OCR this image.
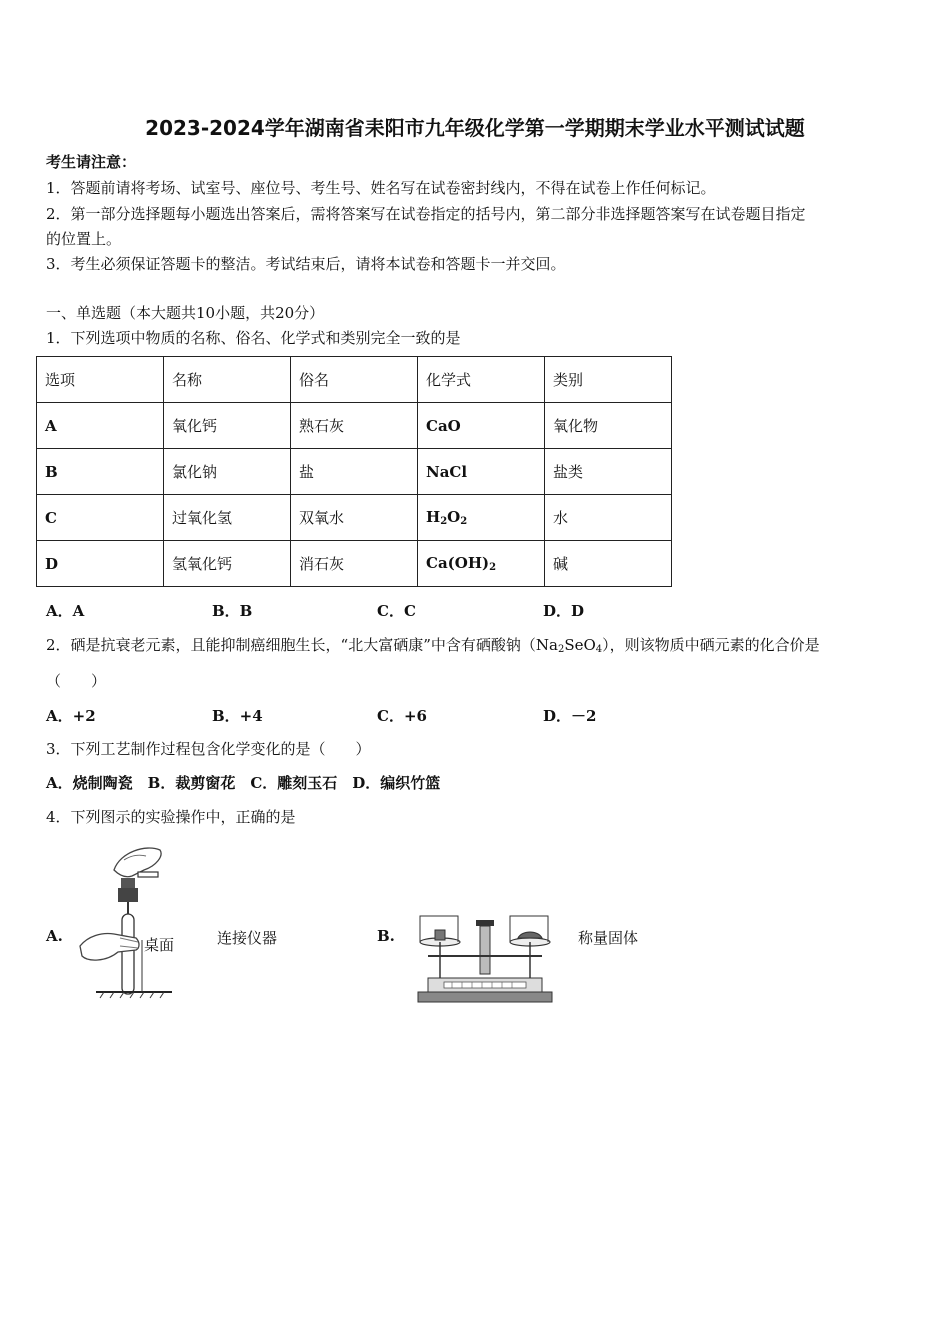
2023-2024学年湖南省耒阳市九年级化学第一学期期末学业水平测试试题
考生请注意：
1．答题前请将考场、试室号、座位号、考生号、姓名写在试卷密封线内，不得在试卷上作任何标记。
2．第一部分选择题每小题选出答案后，需将答案写在试卷指定的括号内，第二部分非选择题答案写在试卷题目指定
的位置上。
3．考生必须保证答题卡的整洁。考试结束后，请将本试卷和答题卡一并交回。
一、单选题（本大题共10小题，共20分）
1．下列选项中物质的名称、俗名、化学式和类别完全一致的是
选项	名称	俗名	化学式	类别
A	氧化钙	熟石灰	CaO	氧化物
B	氯化钠	盐	NaCl	盐类
C	过氧化氢	双氧水	$H_2O_2$	水
D	氢氧化钙	消石灰	$Ca(OH)_2$	碱
A．A	B．B	C．C	D．D
2．硒是抗衰老元素，且能抑制癌细胞生长，“北大富硒康”中含有硒酸钠$(Na_2SeO_4)$，则该物质中硒元素的化合价是
（　　）
A．+2	B．+4	C．+6	D．－2
3．下列工艺制作过程包含化学变化的是（　　）
A．烧制陶瓷　B．裁剪窗花　C．雕刻玉石　D．编织竹篮
4．下列图示的实验操作中，正确的是
A.	桌面	连接仪器	B.	称量固体
